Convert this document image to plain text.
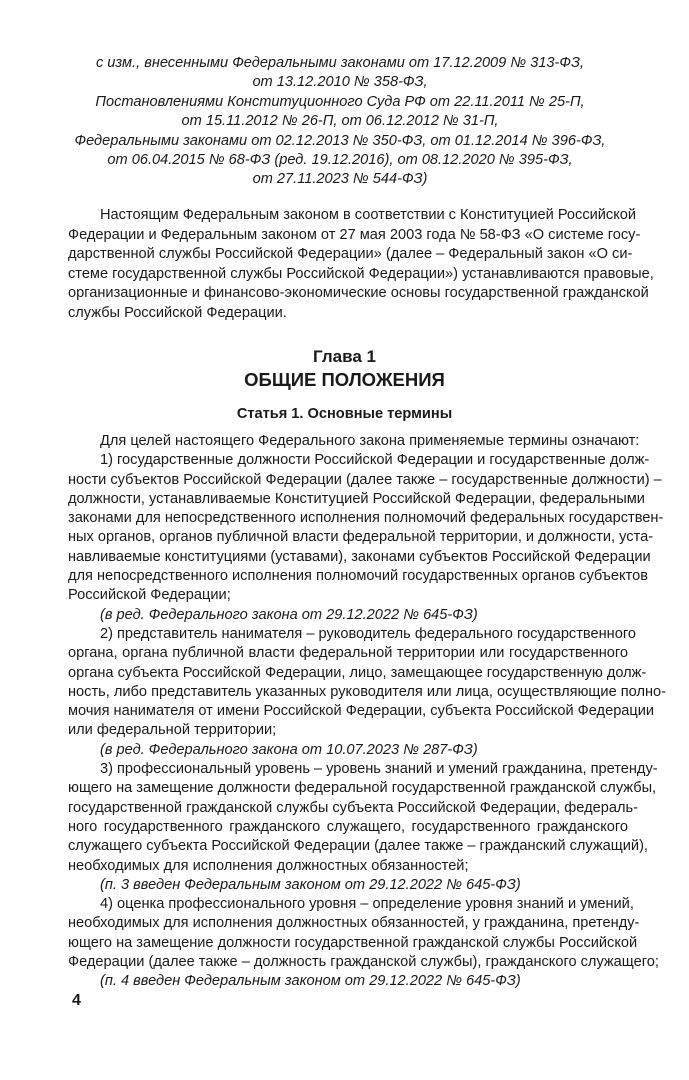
с изм., внесенными Федеральными законами от 17.12.2009 № 313-ФЗ,
от 13.12.2010 № 358-ФЗ,
Постановлениями Конституционного Суда РФ от 22.11.2011 № 25-П,
от 15.11.2012 № 26-П, от 06.12.2012 № 31-П,
Федеральными законами от 02.12.2013 № 350-ФЗ, от 01.12.2014 № 396-ФЗ,
от 06.04.2015 № 68-ФЗ (ред. 19.12.2016), от 08.12.2020 № 395-ФЗ,
от 27.11.2023 № 544-ФЗ)
Настоящим Федеральным законом в соответствии с Конституцией Российской
Федерации и Федеральным законом от 27 мая 2003 года № 58-ФЗ «О системе госу-
дарственной службы Российской Федерации» (далее – Федеральный закон «О си-
стеме государственной службы Российской Федерации») устанавливаются правовые,
организационные и финансово-экономические основы государственной гражданской
службы Российской Федерации.
Глава 1
ОБЩИЕ ПОЛОЖЕНИЯ
Статья 1. Основные термины
Для целей настоящего Федерального закона применяемые термины означают:
1) государственные должности Российской Федерации и государственные долж-
ности субъектов Российской Федерации (далее также – государственные должности) –
должности, устанавливаемые Конституцией Российской Федерации, федеральными
законами для непосредственного исполнения полномочий федеральных государствен-
ных органов, органов публичной власти федеральной территории, и должности, уста-
навливаемые конституциями (уставами), законами субъектов Российской Федерации
для непосредственного исполнения полномочий государственных органов субъектов
Российской Федерации;
(в ред. Федерального закона от 29.12.2022 № 645-ФЗ)
2) представитель нанимателя – руководитель федерального государственного
органа, органа публичной власти федеральной территории или государственного
органа субъекта Российской Федерации, лицо, замещающее государственную долж-
ность, либо представитель указанных руководителя или лица, осуществляющие полно-
мочия нанимателя от имени Российской Федерации, субъекта Российской Федерации
или федеральной территории;
(в ред. Федерального закона от 10.07.2023 № 287-ФЗ)
3) профессиональный уровень – уровень знаний и умений гражданина, претенду-
ющего на замещение должности федеральной государственной гражданской службы,
государственной гражданской службы субъекта Российской Федерации, федераль-
ного государственного гражданского служащего, государственного гражданского
служащего субъекта Российской Федерации (далее также – гражданский служащий),
необходимых для исполнения должностных обязанностей;
(п. 3 введен Федеральным законом от 29.12.2022 № 645-ФЗ)
4) оценка профессионального уровня – определение уровня знаний и умений,
необходимых для исполнения должностных обязанностей, у гражданина, претенду-
ющего на замещение должности государственной гражданской службы Российской
Федерации (далее также – должность гражданской службы), гражданского служащего;
(п. 4 введен Федеральным законом от 29.12.2022 № 645-ФЗ)
4
